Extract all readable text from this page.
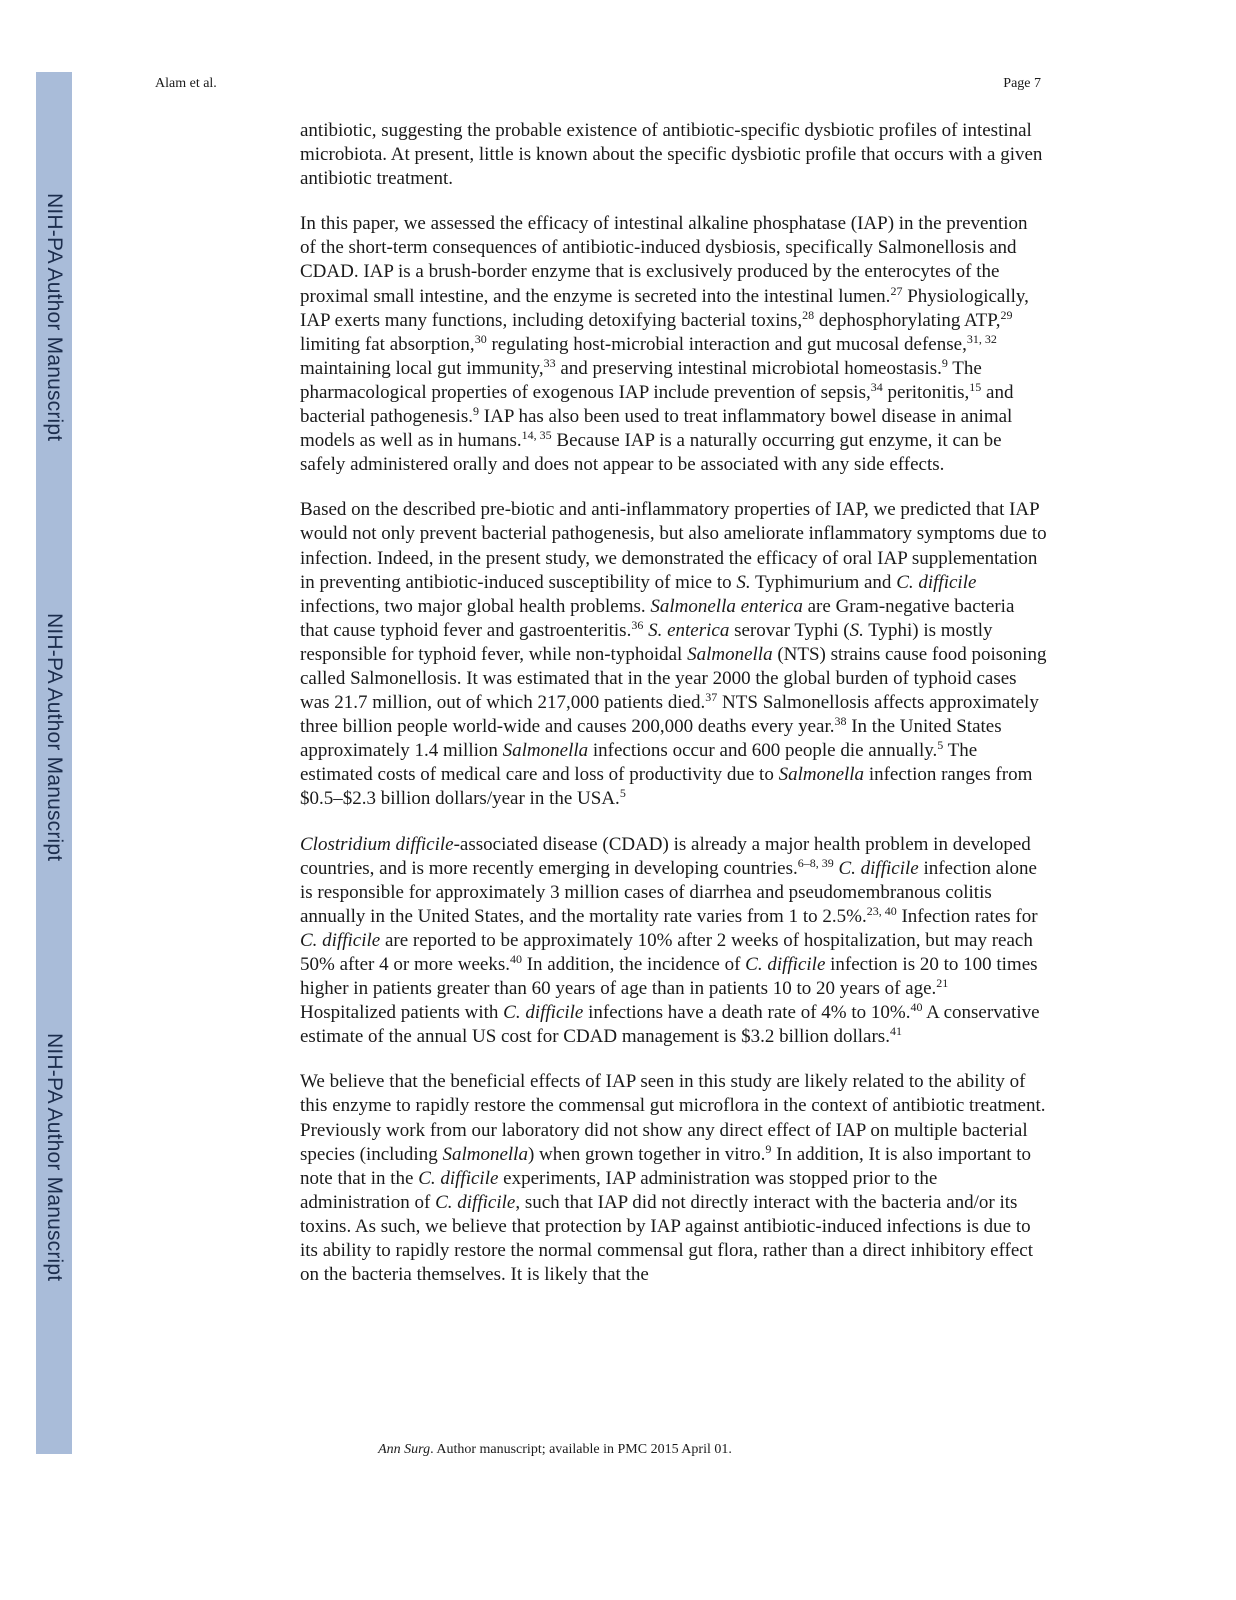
NIH-PA Author Manuscript
NIH-PA Author Manuscript
NIH-PA Author Manuscript
Alam et al.	Page 7

antibiotic, suggesting the probable existence of antibiotic-specific dysbiotic profiles of intestinal microbiota. At present, little is known about the specific dysbiotic profile that occurs with a given antibiotic treatment.

In this paper, we assessed the efficacy of intestinal alkaline phosphatase (IAP) in the prevention of the short-term consequences of antibiotic-induced dysbiosis, specifically Salmonellosis and CDAD. IAP is a brush-border enzyme that is exclusively produced by the enterocytes of the proximal small intestine, and the enzyme is secreted into the intestinal lumen.$^{27}$ Physiologically, IAP exerts many functions, including detoxifying bacterial toxins,$^{28}$ dephosphorylating ATP,$^{29}$ limiting fat absorption,$^{30}$ regulating host-microbial interaction and gut mucosal defense,$^{31, 32}$ maintaining local gut immunity,$^{33}$ and preserving intestinal microbiotal homeostasis.$^9$ The pharmacological properties of exogenous IAP include prevention of sepsis,$^{34}$ peritonitis,$^{15}$ and bacterial pathogenesis.$^9$ IAP has also been used to treat inflammatory bowel disease in animal models as well as in humans.$^{14, 35}$ Because IAP is a naturally occurring gut enzyme, it can be safely administered orally and does not appear to be associated with any side effects.

Based on the described pre-biotic and anti-inflammatory properties of IAP, we predicted that IAP would not only prevent bacterial pathogenesis, but also ameliorate inflammatory symptoms due to infection. Indeed, in the present study, we demonstrated the efficacy of oral IAP supplementation in preventing antibiotic-induced susceptibility of mice to S. Typhimurium and C. difficile infections, two major global health problems. Salmonella enterica are Gram-negative bacteria that cause typhoid fever and gastroenteritis.$^{36}$ S. enterica serovar Typhi (S. Typhi) is mostly responsible for typhoid fever, while non-typhoidal Salmonella (NTS) strains cause food poisoning called Salmonellosis. It was estimated that in the year 2000 the global burden of typhoid cases was 21.7 million, out of which 217,000 patients died.$^{37}$ NTS Salmonellosis affects approximately three billion people world-wide and causes 200,000 deaths every year.$^{38}$ In the United States approximately 1.4 million Salmonella infections occur and 600 people die annually.$^5$ The estimated costs of medical care and loss of productivity due to Salmonella infection ranges from $0.5–$2.3 billion dollars/year in the USA.$^5$

Clostridium difficile-associated disease (CDAD) is already a major health problem in developed countries, and is more recently emerging in developing countries.$^{6-8, 39}$ C. difficile infection alone is responsible for approximately 3 million cases of diarrhea and pseudomembranous colitis annually in the United States, and the mortality rate varies from 1 to 2.5%.$^{23, 40}$ Infection rates for C. difficile are reported to be approximately 10% after 2 weeks of hospitalization, but may reach 50% after 4 or more weeks.$^{40}$ In addition, the incidence of C. difficile infection is 20 to 100 times higher in patients greater than 60 years of age than in patients 10 to 20 years of age.$^{21}$ Hospitalized patients with C. difficile infections have a death rate of 4% to 10%.$^{40}$ A conservative estimate of the annual US cost for CDAD management is $3.2 billion dollars.$^{41}$

We believe that the beneficial effects of IAP seen in this study are likely related to the ability of this enzyme to rapidly restore the commensal gut microflora in the context of antibiotic treatment. Previously work from our laboratory did not show any direct effect of IAP on multiple bacterial species (including Salmonella) when grown together in vitro.$^9$ In addition, It is also important to note that in the C. difficile experiments, IAP administration was stopped prior to the administration of C. difficile, such that IAP did not directly interact with the bacteria and/or its toxins. As such, we believe that protection by IAP against antibiotic-induced infections is due to its ability to rapidly restore the normal commensal gut flora, rather than a direct inhibitory effect on the bacteria themselves. It is likely that the

Ann Surg. Author manuscript; available in PMC 2015 April 01.
